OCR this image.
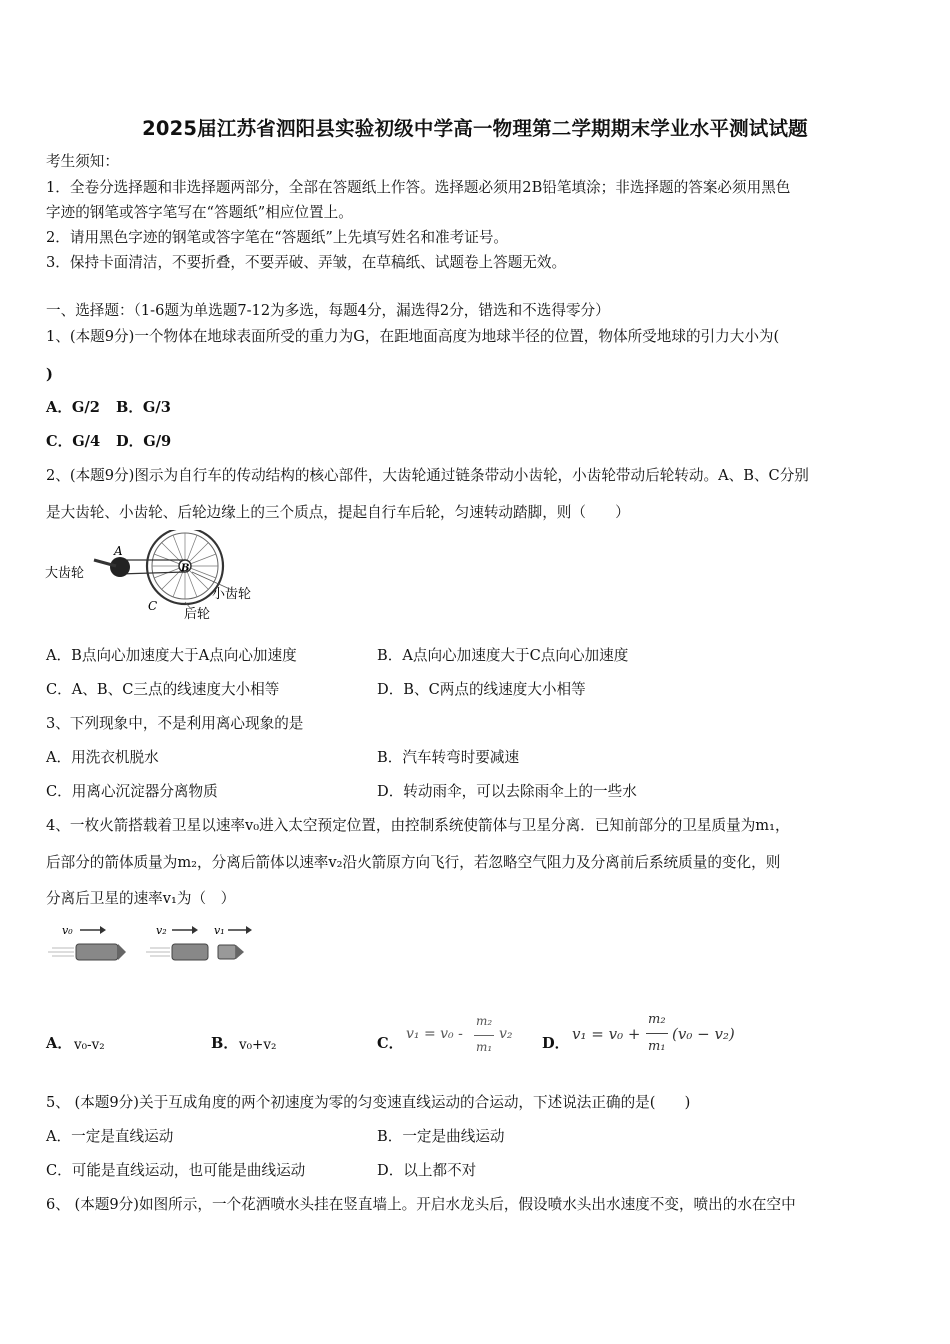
2025届江苏省泗阳县实验初级中学高一物理第二学期期末学业水平测试试题
考生须知：
1．全卷分选择题和非选择题两部分，全部在答题纸上作答。选择题必须用2B铅笔填涂；非选择题的答案必须用黑色
字迹的钢笔或答字笔写在“答题纸”相应位置上。
2．请用黑色字迹的钢笔或答字笔在“答题纸”上先填写姓名和准考证号。
3．保持卡面清洁，不要折叠，不要弄破、弄皱，在草稿纸、试题卷上答题无效。
一、选择题：（1-6题为单选题7-12为多选，每题4分，漏选得2分，错选和不选得零分）
1、(本题9分)一个物体在地球表面所受的重力为G，在距地面高度为地球半径的位置，物体所受地球的引力大小为(
)
A．G/2 B．G/3
C．G/4 D．G/9
2、(本题9分)图示为自行车的传动结构的核心部件，大齿轮通过链条带动小齿轮，小齿轮带动后轮转动。A、B、C分别
是大齿轮、小齿轮、后轮边缘上的三个质点，提起自行车后轮，匀速转动踏脚，则（　　）
A
B
C
大齿轮
小齿轮
后轮
A．B点向心加速度大于A点向心加速度	B．A点向心加速度大于C点向心加速度
C．A、B、C三点的线速度大小相等	D．B、C两点的线速度大小相等
3、下列现象中，不是利用离心现象的是
A．用洗衣机脱水	B．汽车转弯时要减速
C．用离心沉淀器分离物质	D．转动雨伞，可以去除雨伞上的一些水
4、一枚火箭搭载着卫星以速率v₀进入太空预定位置，由控制系统使箭体与卫星分离．已知前部分的卫星质量为m₁，
后部分的箭体质量为m₂，分离后箭体以速率v₂沿火箭原方向飞行，若忽略空气阻力及分离前后系统质量的变化，则
分离后卫星的速率v₁为（　）
v₀	v₂	v₁
A． v₀-v₂	B． v₀+v₂	C．
v₁ = v₀ -
m₂
m₁
v₂
D．
v₁ = v₀ +
m₂
m₁
(v₀ − v₂)
5、 (本题9分)关于互成角度的两个初速度为零的匀变速直线运动的合运动，下述说法正确的是(　　)
A．一定是直线运动	B．一定是曲线运动
C．可能是直线运动，也可能是曲线运动	D．以上都不对
6、 (本题9分)如图所示，一个花洒喷水头挂在竖直墙上。开启水龙头后，假设喷水头出水速度不变，喷出的水在空中
